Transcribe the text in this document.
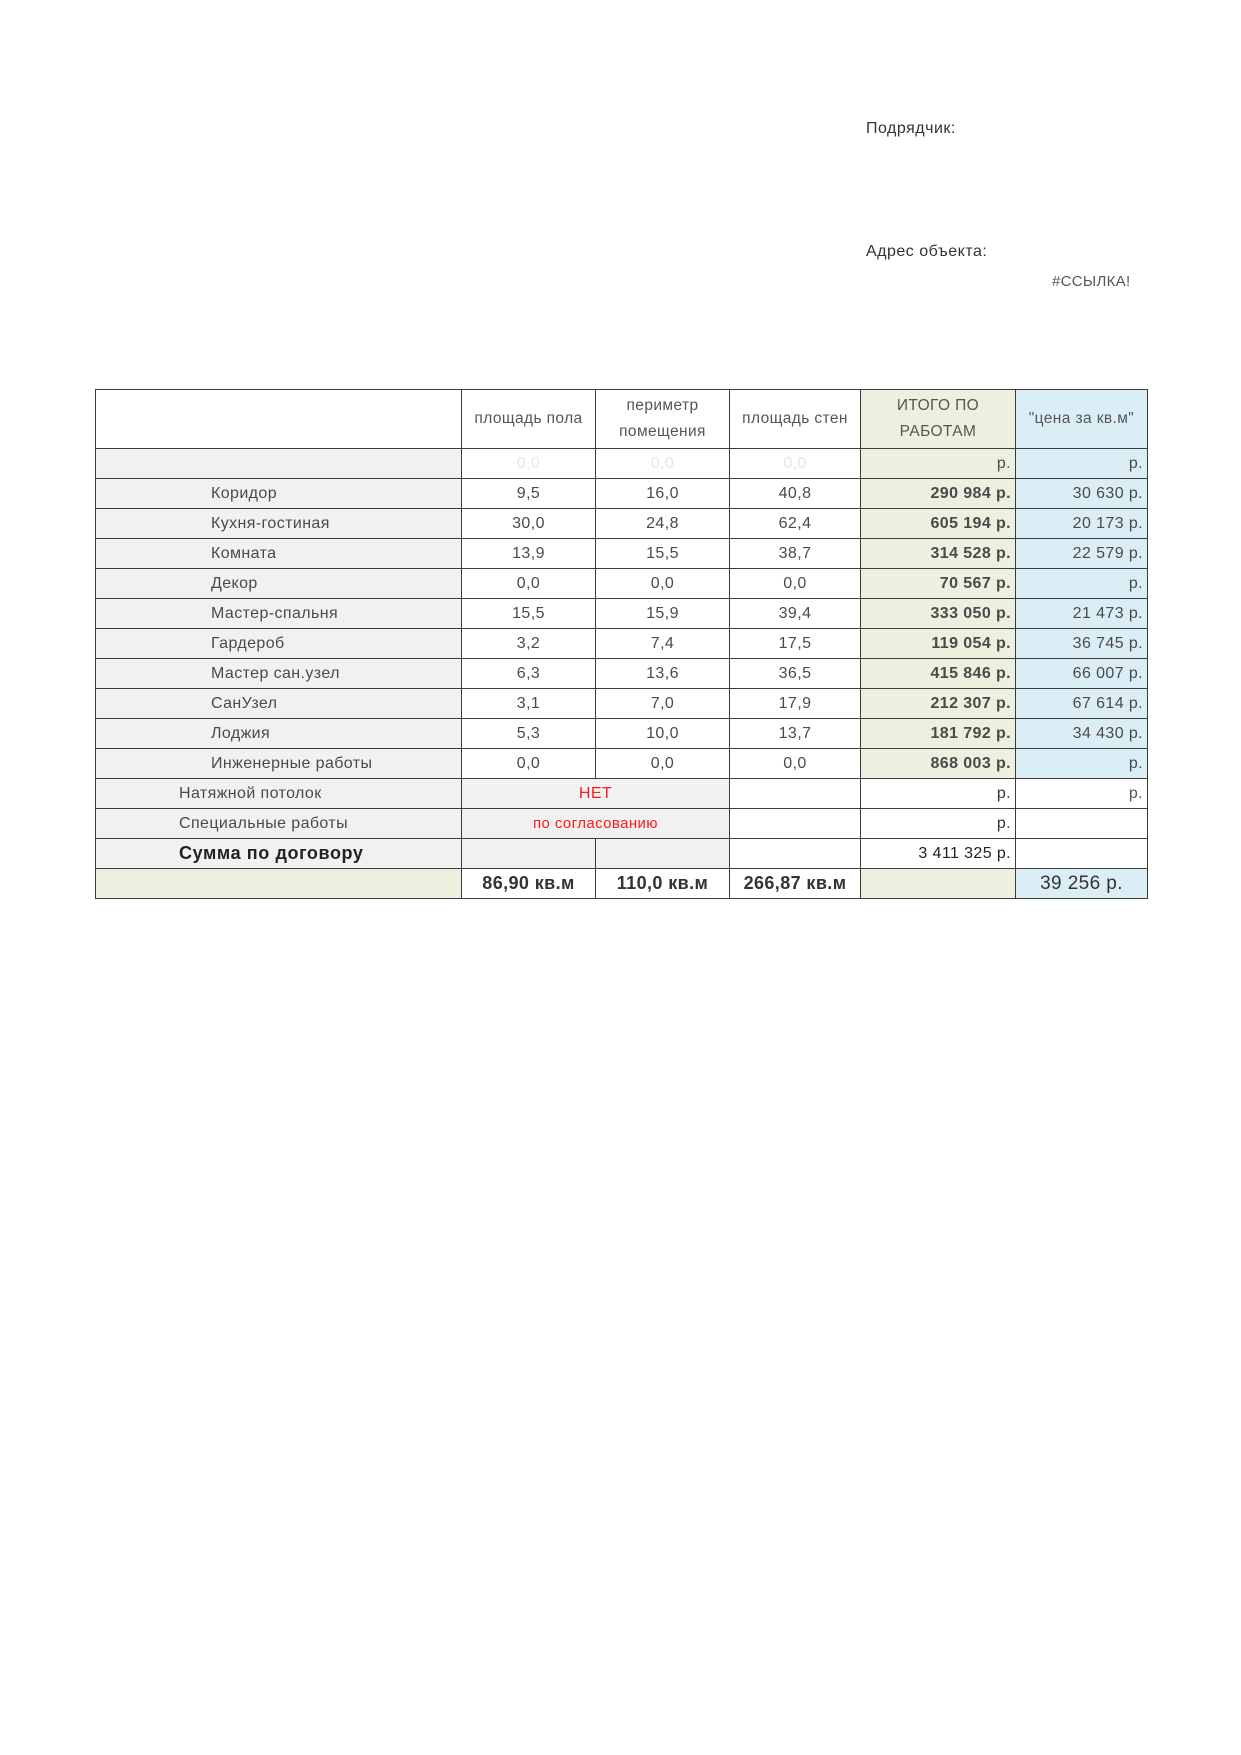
Подрядчик:
Адрес объекта:
#ССЫЛКА!
	площадь пола	периметр помещения	площадь стен	ИТОГО ПО РАБОТАМ	"цена за кв.м"
	0,0	0,0	0,0	р.	р.
Коридор	9,5	16,0	40,8	290 984 р.	30 630 р.
Кухня-гостиная	30,0	24,8	62,4	605 194 р.	20 173 р.
Комната	13,9	15,5	38,7	314 528 р.	22 579 р.
Декор	0,0	0,0	0,0	70 567 р.	р.
Мастер-спальня	15,5	15,9	39,4	333 050 р.	21 473 р.
Гардероб	3,2	7,4	17,5	119 054 р.	36 745 р.
Мастер сан.узел	6,3	13,6	36,5	415 846 р.	66 007 р.
СанУзел	3,1	7,0	17,9	212 307 р.	67 614 р.
Лоджия	5,3	10,0	13,7	181 792 р.	34 430 р.
Инженерные работы	0,0	0,0	0,0	868 003 р.	р.
Натяжной потолок	НЕТ			р.	р.
Специальные работы	по согласованию			р.	
Сумма по договору				3 411 325 р.	
	86,90 кв.м	110,0 кв.м	266,87 кв.м		39 256 р.
